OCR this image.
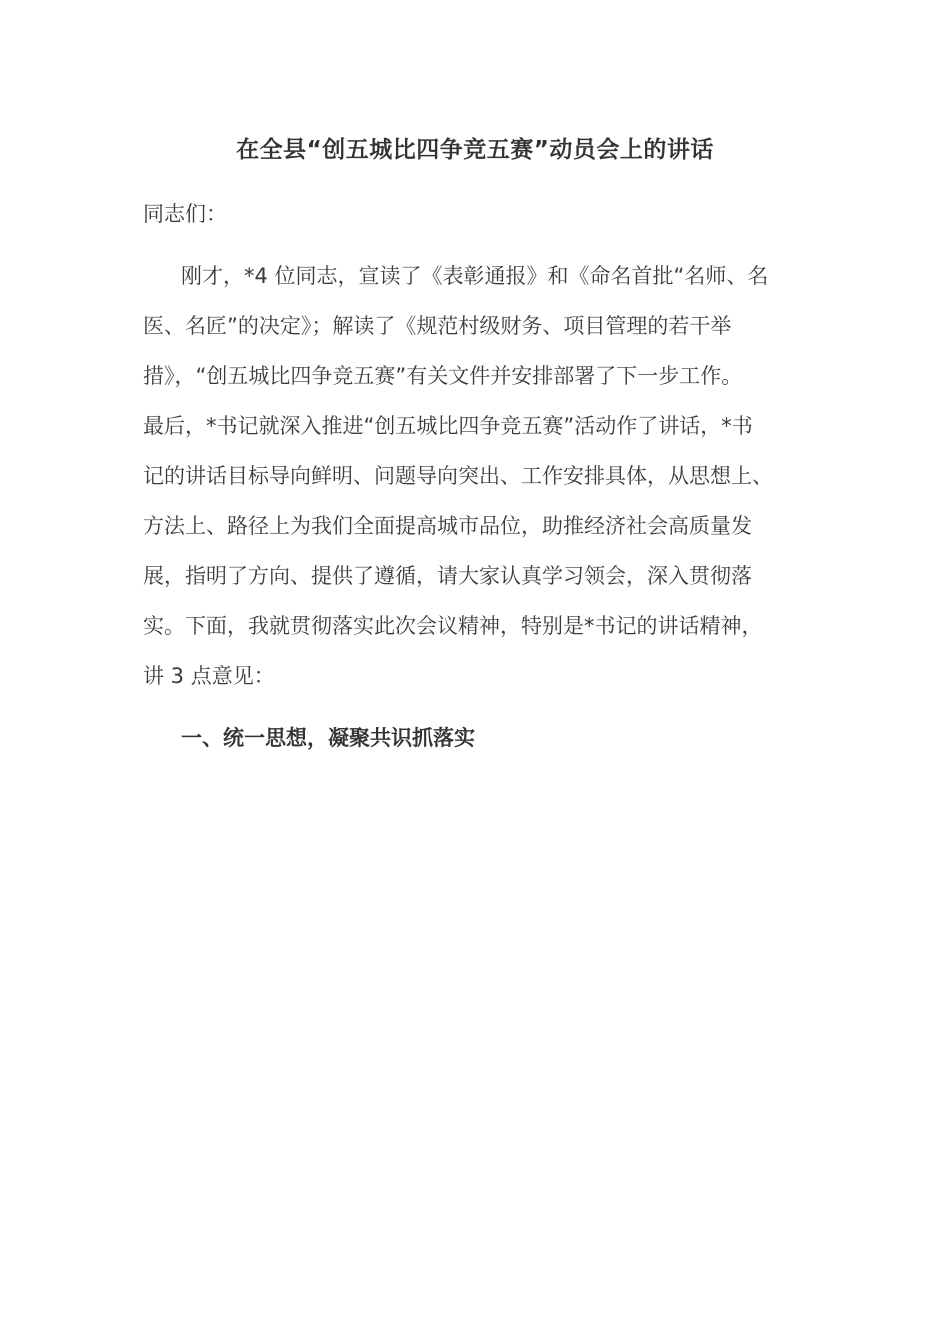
在全县“创五城比四争竞五赛”动员会上的讲话
同志们：
刚才，*4 位同志，宣读了《表彰通报》和《命名首批“名师、名
医、名匠”的决定》；解读了《规范村级财务、项目管理的若干举
措》，“创五城比四争竞五赛”有关文件并安排部署了下一步工作。
最后，*书记就深入推进“创五城比四争竞五赛”活动作了讲话，*书
记的讲话目标导向鲜明、问题导向突出、工作安排具体，从思想上、
方法上、路径上为我们全面提高城市品位，助推经济社会高质量发
展，指明了方向、提供了遵循，请大家认真学习领会，深入贯彻落
实。下面，我就贯彻落实此次会议精神，特别是*书记的讲话精神，
讲 3 点意见：
一、统一思想，凝聚共识抓落实
